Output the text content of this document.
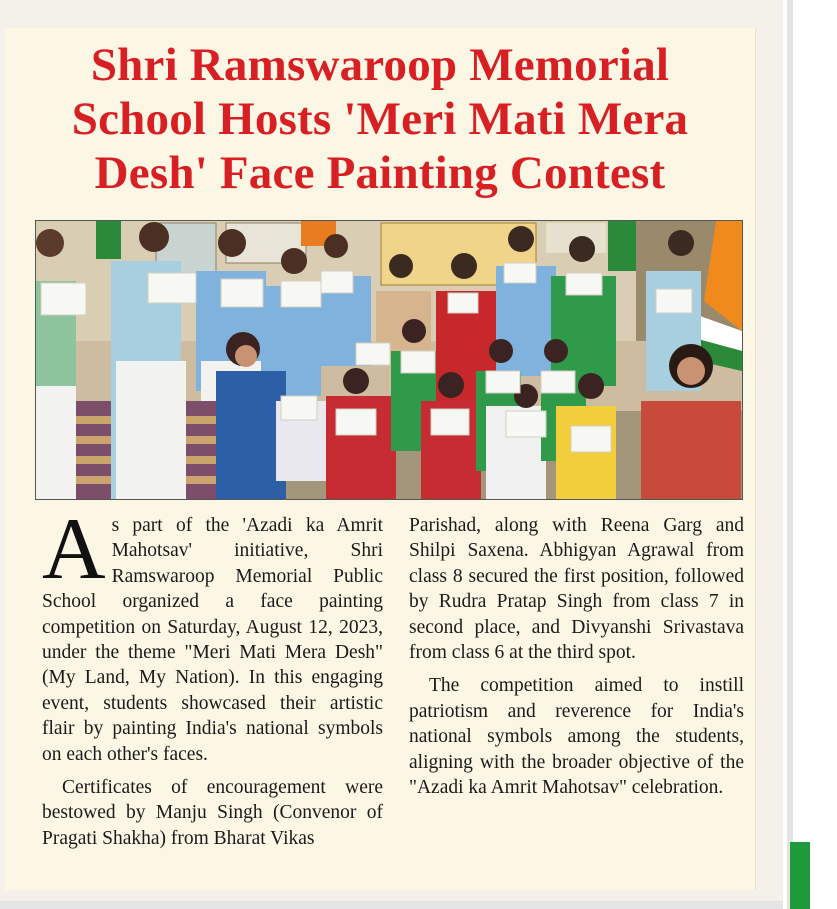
Shri Ramswaroop Memorial
School Hosts 'Meri Mati Mera
Desh' Face Painting Contest

As part of the 'Azadi ka Amrit Mahotsav' initiative, Shri Ramswaroop Memorial Public School organized a face painting competition on Saturday, August 12, 2023, under the theme "Meri Mati Mera Desh" (My Land, My Nation). In this engaging event, students showcased their artistic flair by painting India's national symbols on each other's faces.

Certificates of encouragement were bestowed by Manju Singh (Convenor of Pragati Shakha) from Bharat Vikas

Parishad, along with Reena Garg and Shilpi Saxena. Abhigyan Agrawal from class 8 secured the first position, followed by Rudra Pratap Singh from class 7 in second place, and Divyanshi Srivastava from class 6 at the third spot.

The competition aimed to instill patriotism and reverence for India's national symbols among the students, aligning with the broader objective of the "Azadi ka Amrit Mahotsav" celebration.
